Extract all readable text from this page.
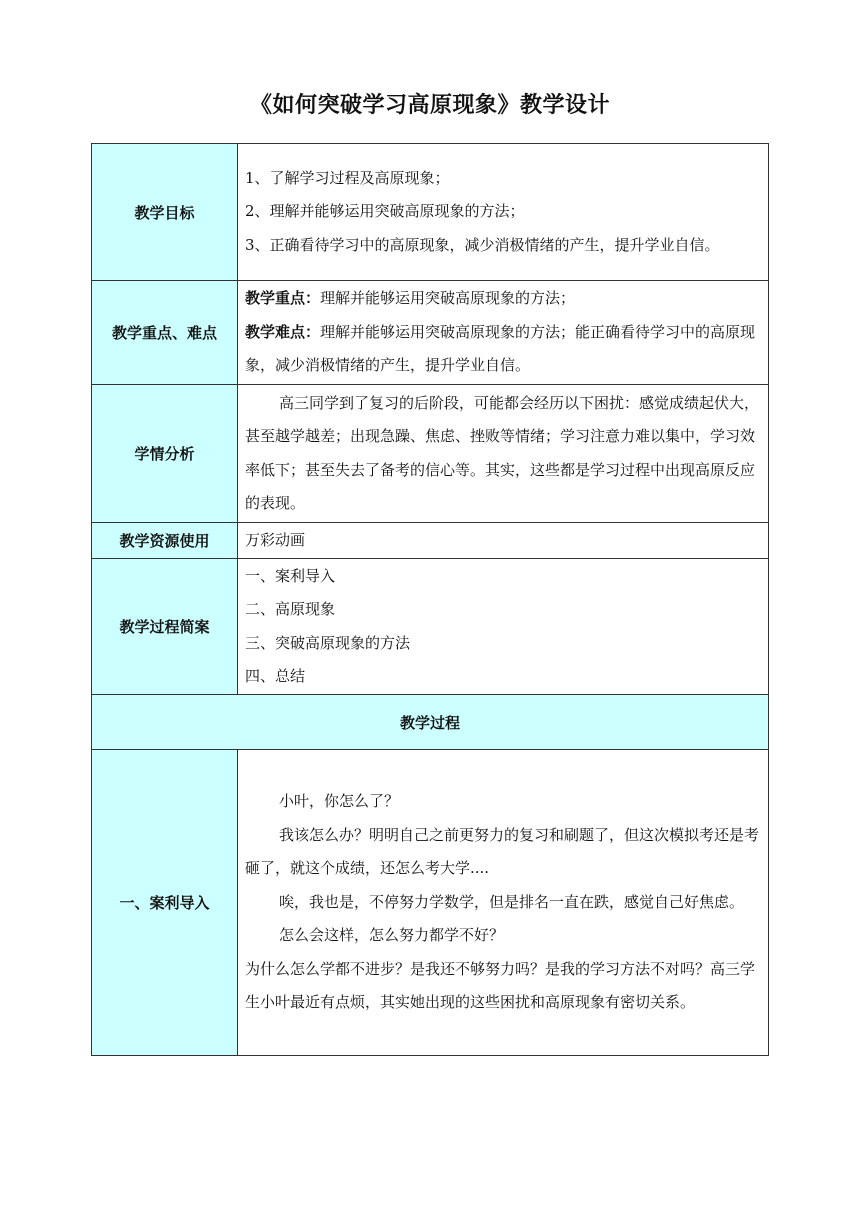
《如何突破学习高原现象》教学设计
教学目标	1、了解学习过程及高原现象；
2、理解并能够运用突破高原现象的方法；
3、正确看待学习中的高原现象，减少消极情绪的产生，提升学业自信。

教学重点、难点	教学重点：理解并能够运用突破高原现象的方法；
教学难点：理解并能够运用突破高原现象的方法；能正确看待学习中的高原现象，减少消极情绪的产生，提升学业自信。

学情分析	高三同学到了复习的后阶段，可能都会经历以下困扰：感觉成绩起伏大，甚至越学越差；出现急躁、焦虑、挫败等情绪；学习注意力难以集中，学习效率低下；甚至失去了备考的信心等。其实，这些都是学习过程中出现高原反应的表现。

教学资源使用	万彩动画
教学过程简案	一、案利导入
二、高原现象
三、突破高原现象的方法
四、总结

教学过程	
一、案利导入	小叶，你怎么了？
我该怎么办？明明自己之前更努力的复习和刷题了，但这次模拟考还是考砸了，就这个成绩，还怎么考大学....
唉，我也是，不停努力学数学，但是排名一直在跌，感觉自己好焦虑。
怎么会这样，怎么努力都学不好？
为什么怎么学都不进步？是我还不够努力吗？是我的学习方法不对吗？高三学生小叶最近有点烦，其实她出现的这些困扰和高原现象有密切关系。
